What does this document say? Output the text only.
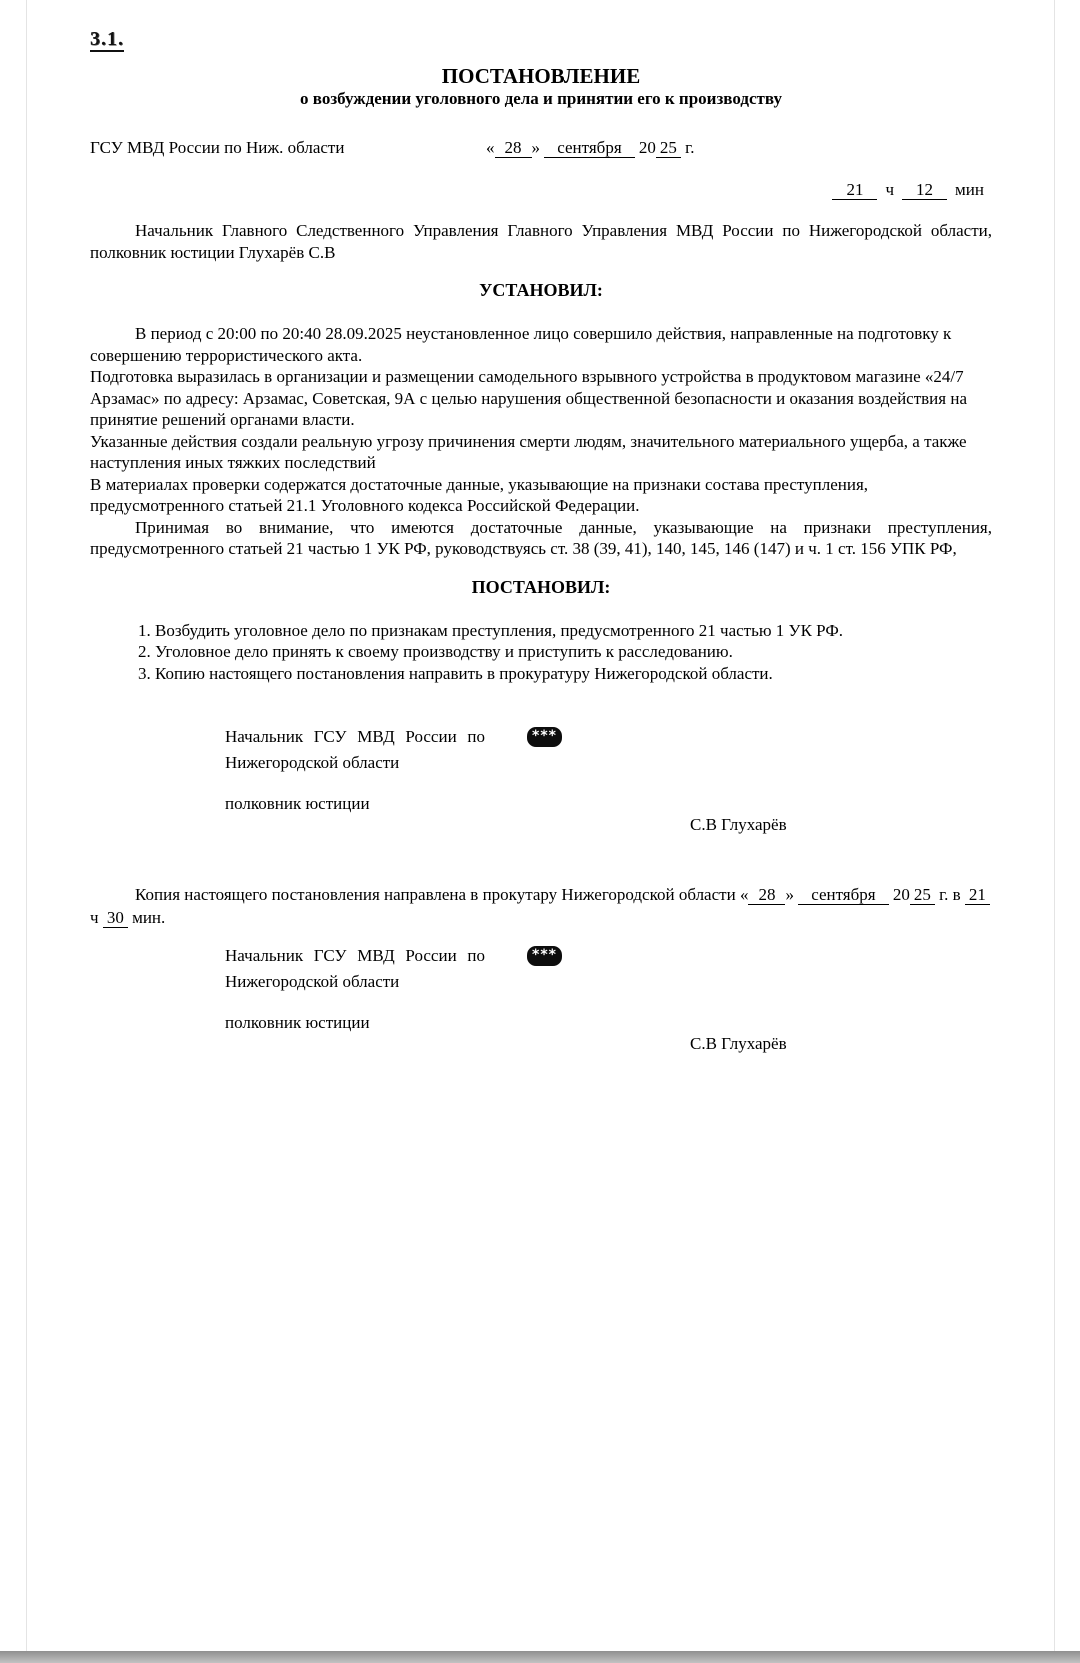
3.1.
ПОСТАНОВЛЕНИЕ
о возбуждении уголовного дела и принятии его к производству
ГСУ МВД России по Ниж. области	« 28 » сентября 20 25 г.
21 ч 12 мин

Начальник Главного Следственного Управления Главного Управления МВД России по Нижегородской области, полковник юстиции Глухарёв С.В

УСТАНОВИЛ:

В период с 20:00 по 20:40 28.09.2025 неустановленное лицо совершило действия, направленные на подготовку к совершению террористического акта.

Подготовка выразилась в организации и размещении самодельного взрывного устройства в продуктовом магазине «24/7 Арзамас» по адресу: Арзамас, Советская, 9А с целью нарушения общественной безопасности и оказания воздействия на принятие решений органами власти.

Указанные действия создали реальную угрозу причинения смерти людям, значительного материального ущерба, а также наступления иных тяжких последствий

В материалах проверки содержатся достаточные данные, указывающие на признаки состава преступления, предусмотренного статьей 21.1 Уголовного кодекса Российской Федерации.

Принимая во внимание, что имеются достаточные данные, указывающие на признаки преступления, предусмотренного статьей 21 частью 1 УК РФ, руководствуясь ст. 38 (39, 41), 140, 145, 146 (147) и ч. 1 ст. 156 УПК РФ,

ПОСТАНОВИЛ:

1. Возбудить уголовное дело по признакам преступления, предусмотренного 21 частью 1 УК РФ.

2. Уголовное дело принять к своему производству и приступить к расследованию.

3. Копию настоящего постановления направить в прокуратуру Нижегородской области.

Начальник ГСУ МВД России по Нижегородской области
***
полковник юстиции
С.В Глухарёв

Копия настоящего постановления направлена в прокутару Нижегородской области « 28 » сентября 20 25 г. в 21 ч 30 мин.

Начальник ГСУ МВД России по Нижегородской области
***
полковник юстиции
С.В Глухарёв
